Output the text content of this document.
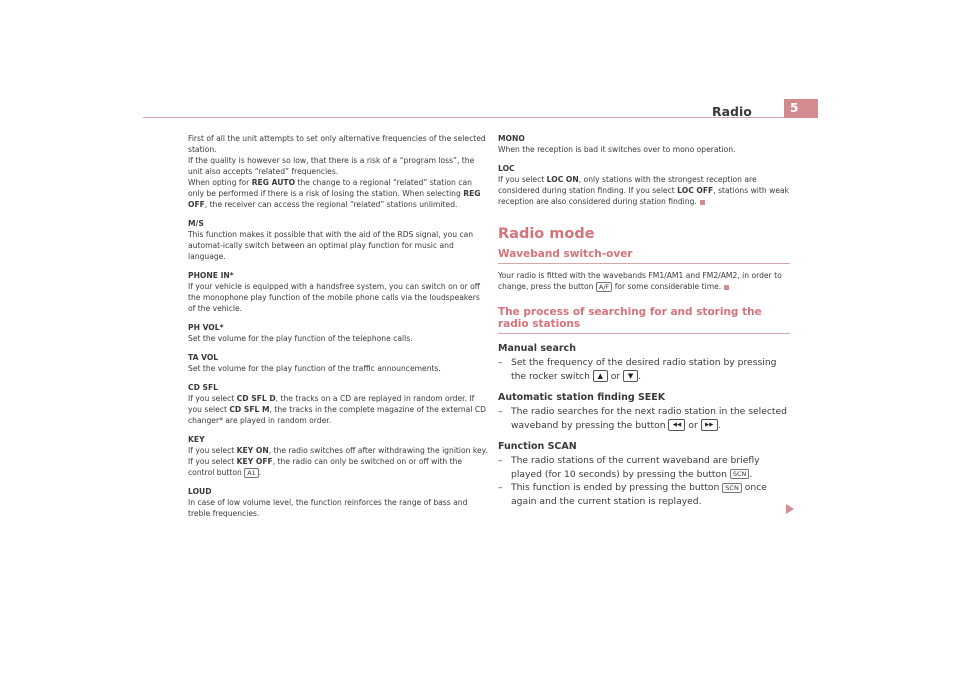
Radio	5

First of all the unit attempts to set only alternative frequencies of the selected station.

If the quality is however so low, that there is a risk of a “program loss”, the unit also accepts “related” frequencies.

When opting for REG AUTO the change to a regional “related” station can only be performed if there is a risk of losing the station. When selecting REG OFF, the receiver can access the regional “related” stations unlimited.

M/S

This function makes it possible that with the aid of the RDS signal, you can automat-ically switch between an optimal play function for music and language.

PHONE IN*

If your vehicle is equipped with a handsfree system, you can switch on or off the monophone play function of the mobile phone calls via the loudspeakers of the vehicle.

PH VOL*

Set the volume for the play function of the telephone calls.

TA VOL

Set the volume for the play function of the traffic announcements.

CD SFL

If you select CD SFL D, the tracks on a CD are replayed in random order. If you select CD SFL M, the tracks in the complete magazine of the external CD changer* are played in random order.

KEY

If you select KEY ON, the radio switches off after withdrawing the ignition key. If you select KEY OFF, the radio can only be switched on or off with the control button A1 .

LOUD

In case of low volume level, the function reinforces the range of bass and treble frequencies.

MONO

When the reception is bad it switches over to mono operation.

LOC

If you select LOC ON, only stations with the strongest reception are considered during station finding. If you select LOC OFF, stations with weak reception are also considered during station finding.

Radio mode
Waveband switch-over

Your radio is fitted with the wavebands FM1/AM1 and FM2/AM2, in order to change, press the button A/F for some considerable time.

The process of searching for and storing the radio stations

Manual search

– Set the frequency of the desired radio station by pressing the rocker switch ▲ or ▼ .

Automatic station finding SEEK

– The radio searches for the next radio station in the selected waveband by pressing the button ◀◀ or ▶▶ .

Function SCAN

– The radio stations of the current waveband are briefly played (for 10 seconds) by pressing the button SCN .

– This function is ended by pressing the button SCN once again and the current station is replayed.
